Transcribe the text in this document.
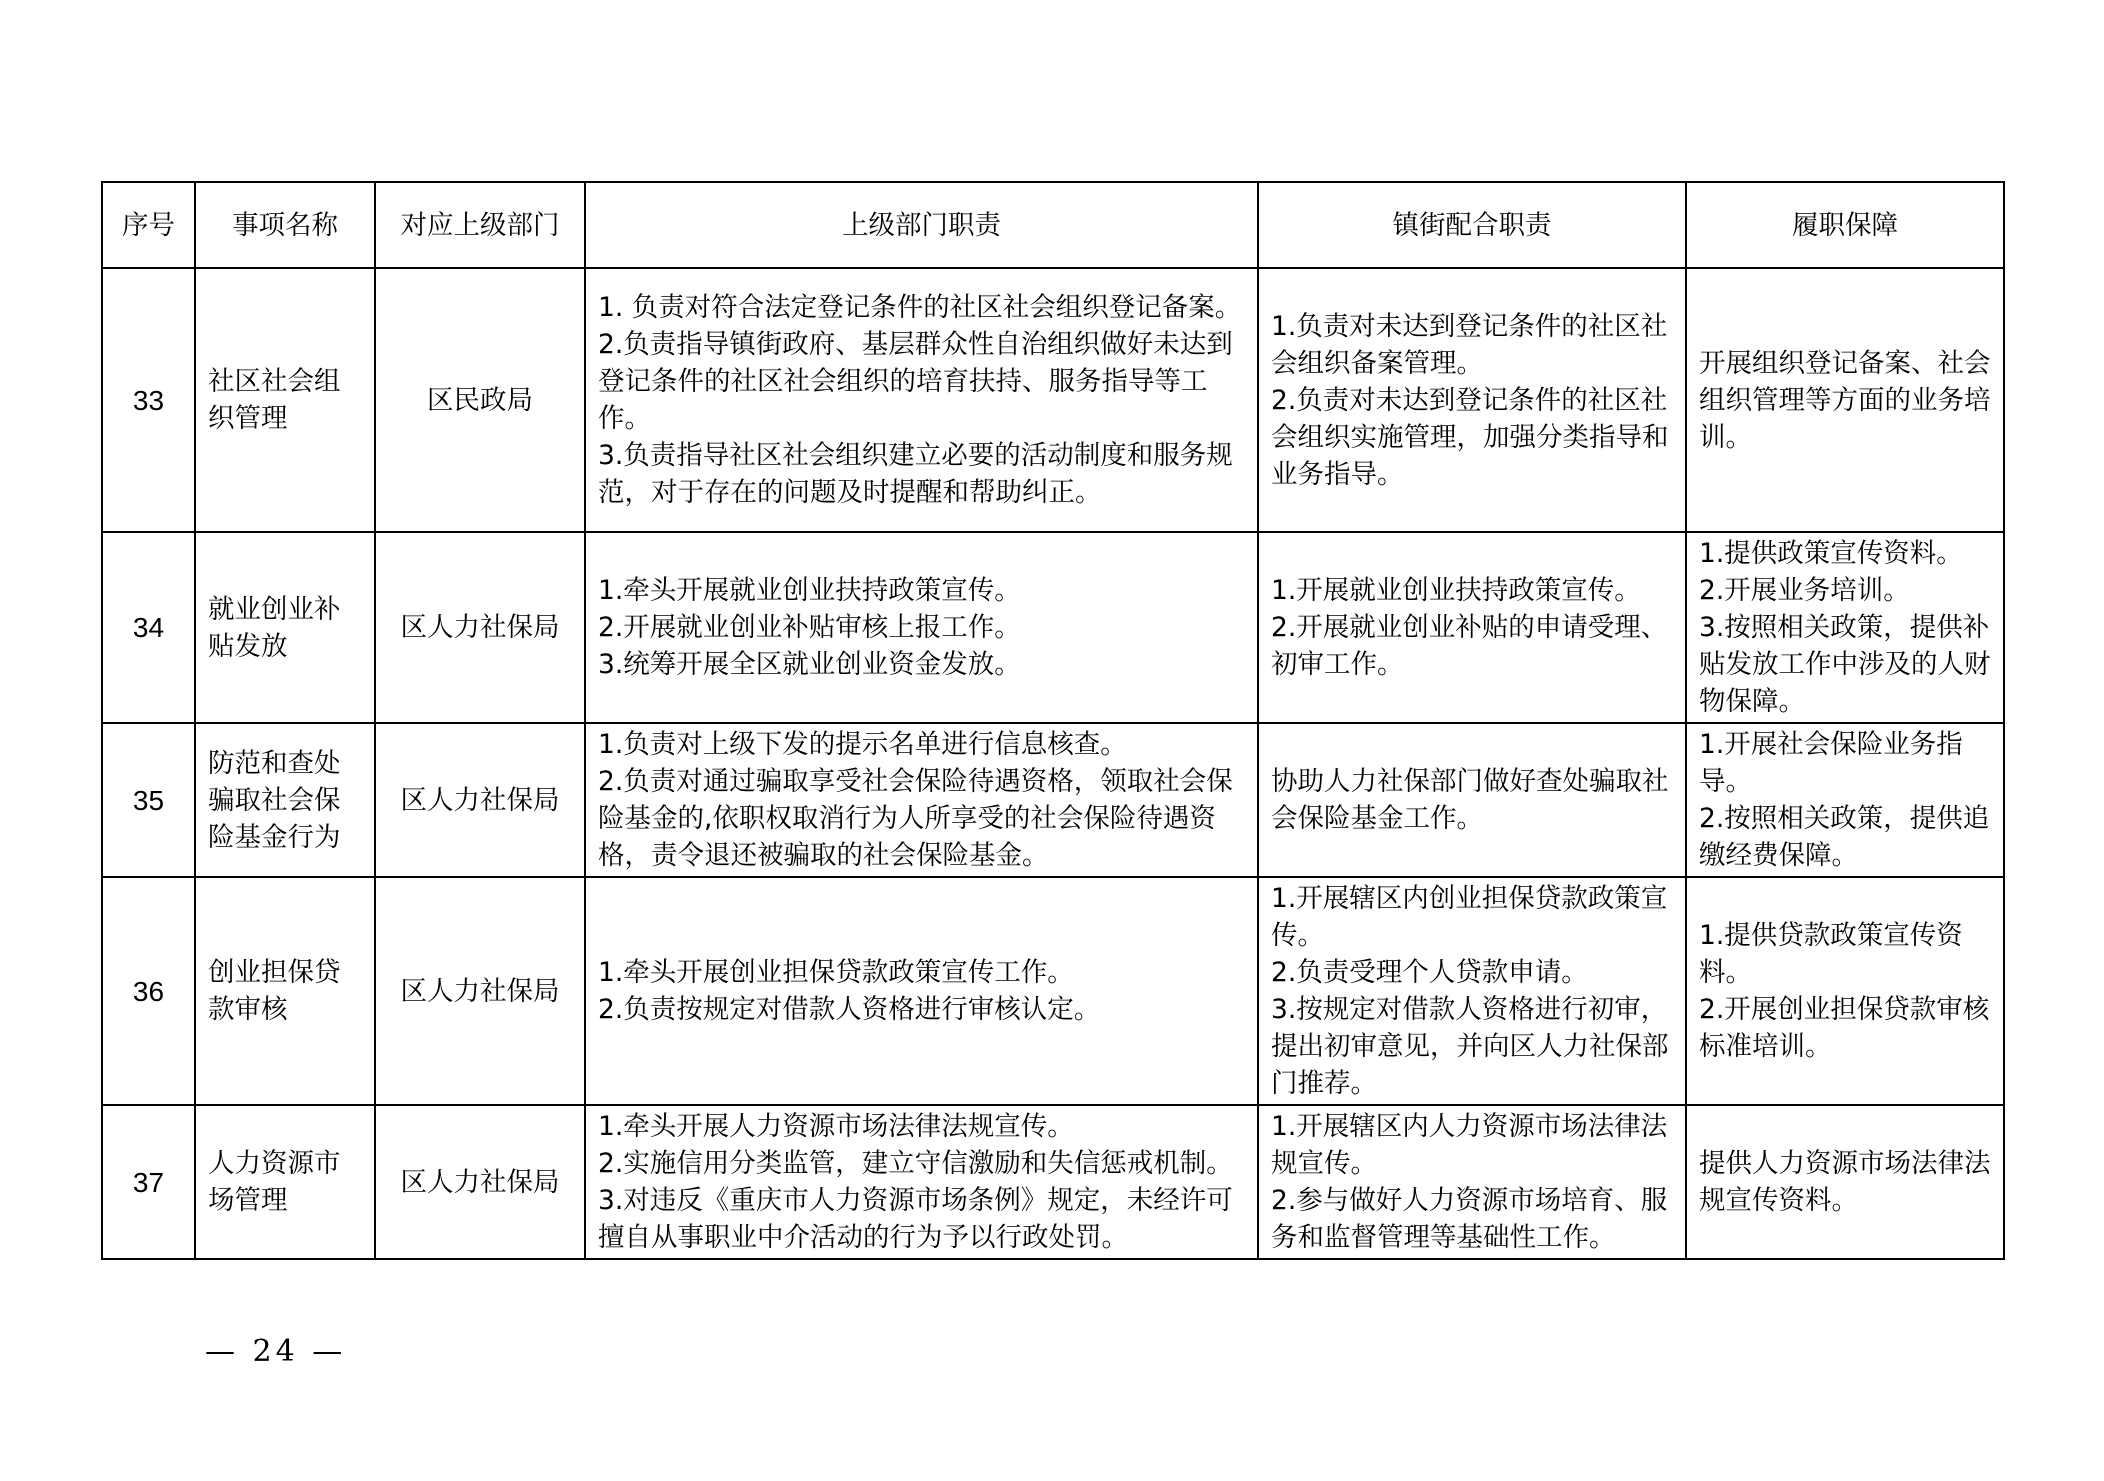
序号	事项名称	对应上级部门	上级部门职责	镇街配合职责	履职保障
33	社区社会组织管理	区民政局	1. 负责对符合法定登记条件的社区社会组织登记备案。
2.负责指导镇街政府、基层群众性自治组织做好未达到登记条件的社区社会组织的培育扶持、服务指导等工作。
3.负责指导社区社会组织建立必要的活动制度和服务规范，对于存在的问题及时提醒和帮助纠正。	1.负责对未达到登记条件的社区社会组织备案管理。
2.负责对未达到登记条件的社区社会组织实施管理，加强分类指导和业务指导。	开展组织登记备案、社会组织管理等方面的业务培训。

34	就业创业补贴发放	区人力社保局	1.牵头开展就业创业扶持政策宣传。
2.开展就业创业补贴审核上报工作。
3.统筹开展全区就业创业资金发放。	1.开展就业创业扶持政策宣传。
2.开展就业创业补贴的申请受理、初审工作。	1.提供政策宣传资料。
2.开展业务培训。
3.按照相关政策，提供补贴发放工作中涉及的人财物保障。

35	防范和查处骗取社会保险基金行为	区人力社保局	1.负责对上级下发的提示名单进行信息核查。
2.负责对通过骗取享受社会保险待遇资格，领取社会保险基金的,依职权取消行为人所享受的社会保险待遇资格，责令退还被骗取的社会保险基金。	协助人力社保部门做好查处骗取社会保险基金工作。	1.开展社会保险业务指导。
2.按照相关政策，提供追缴经费保障。

36	创业担保贷款审核	区人力社保局	1.牵头开展创业担保贷款政策宣传工作。
2.负责按规定对借款人资格进行审核认定。	1.开展辖区内创业担保贷款政策宣传。
2.负责受理个人贷款申请。
3.按规定对借款人资格进行初审，提出初审意见，并向区人力社保部门推荐。	1.提供贷款政策宣传资料。
2.开展创业担保贷款审核标准培训。

37	人力资源市场管理	区人力社保局	1.牵头开展人力资源市场法律法规宣传。
2.实施信用分类监管，建立守信激励和失信惩戒机制。
3.对违反《重庆市人力资源市场条例》规定，未经许可擅自从事职业中介活动的行为予以行政处罚。	1.开展辖区内人力资源市场法律法规宣传。
2.参与做好人力资源市场培育、服务和监督管理等基础性工作。	提供人力资源市场法律法规宣传资料。
— 24 —
